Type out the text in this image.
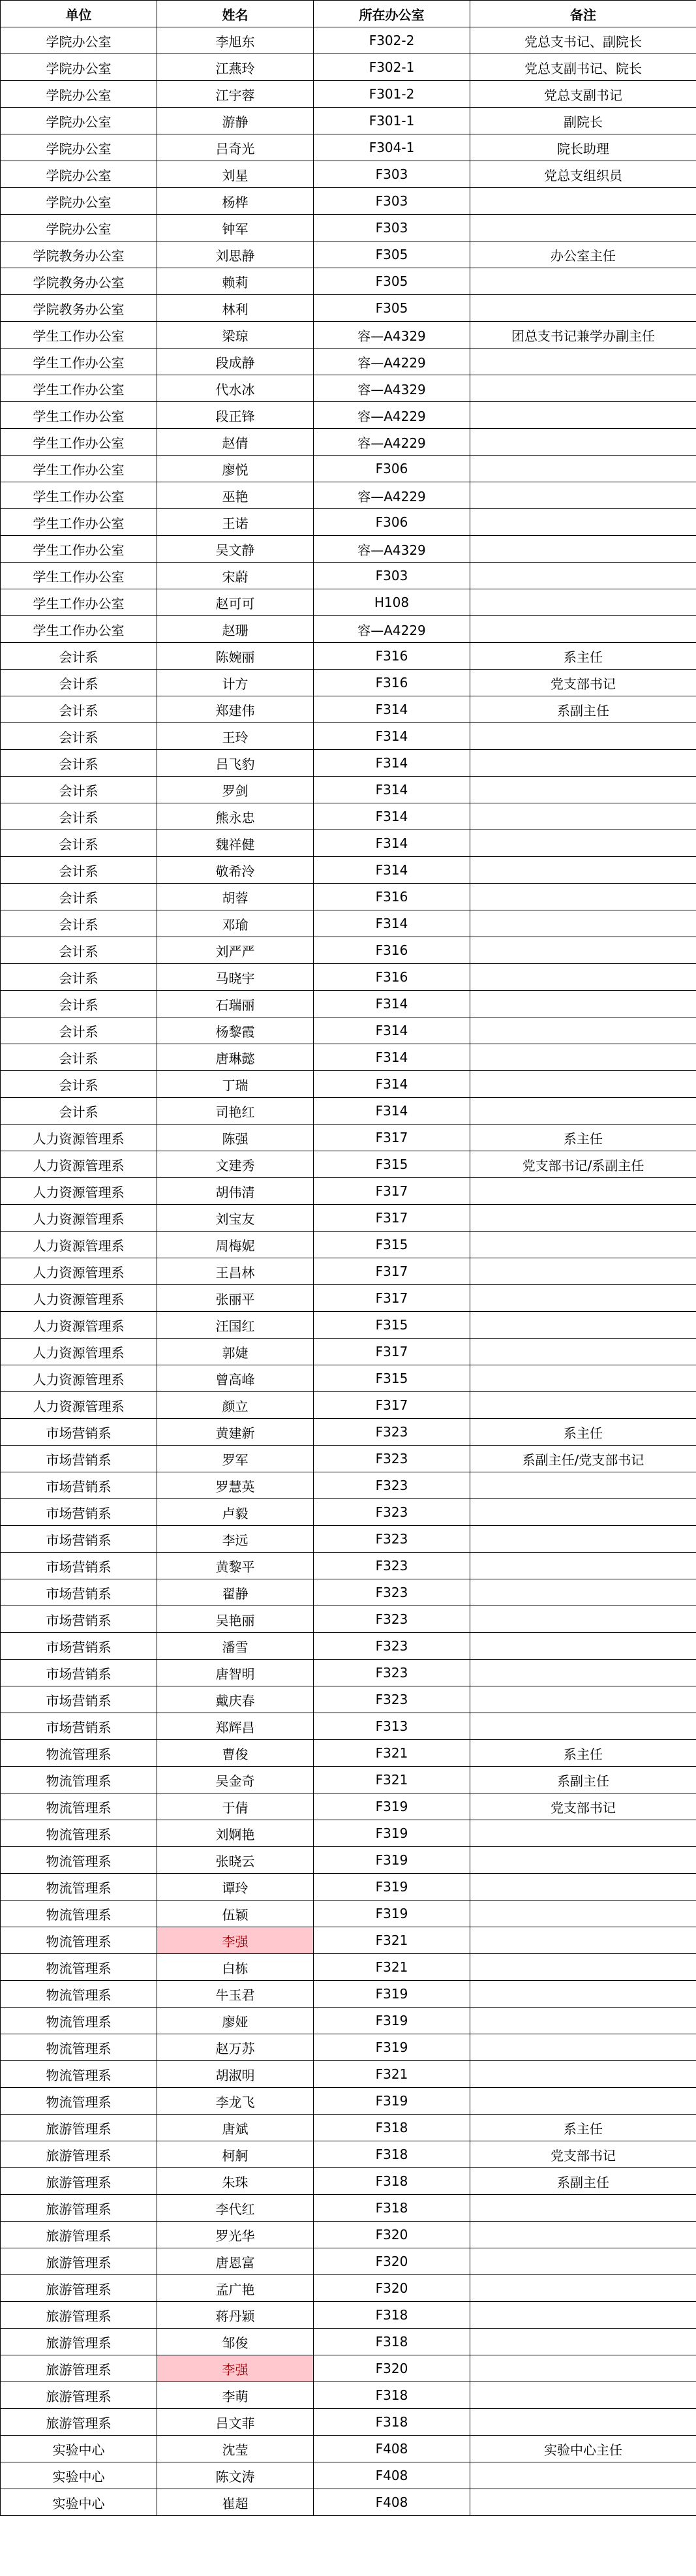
单位	姓名	所在办公室	备注
学院办公室	李旭东	F302-2	党总支书记、副院长
学院办公室	江燕玲	F302-1	党总支副书记、院长
学院办公室	江宇蓉	F301-2	党总支副书记
学院办公室	游静	F301-1	副院长
学院办公室	吕奇光	F304-1	院长助理
学院办公室	刘星	F303	党总支组织员
学院办公室	杨桦	F303	
学院办公室	钟军	F303	
学院教务办公室	刘思静	F305	办公室主任
学院教务办公室	赖莉	F305	
学院教务办公室	林利	F305	
学生工作办公室	梁琼	容—A4329	团总支书记兼学办副主任
学生工作办公室	段成静	容—A4229	
学生工作办公室	代水冰	容—A4329	
学生工作办公室	段正锋	容—A4229	
学生工作办公室	赵倩	容—A4229	
学生工作办公室	廖悦	F306	
学生工作办公室	巫艳	容—A4229	
学生工作办公室	王诺	F306	
学生工作办公室	吴文静	容—A4329	
学生工作办公室	宋蔚	F303	
学生工作办公室	赵可可	H108	
学生工作办公室	赵珊	容—A4229	
会计系	陈婉丽	F316	系主任
会计系	计方	F316	党支部书记
会计系	郑建伟	F314	系副主任
会计系	王玲	F314	
会计系	吕飞豹	F314	
会计系	罗剑	F314	
会计系	熊永忠	F314	
会计系	魏祥健	F314	
会计系	敬希泠	F314	
会计系	胡蓉	F316	
会计系	邓瑜	F314	
会计系	刘严严	F316	
会计系	马晓宇	F316	
会计系	石瑞丽	F314	
会计系	杨黎霞	F314	
会计系	唐琳懿	F314	
会计系	丁瑞	F314	
会计系	司艳红	F314	
人力资源管理系	陈强	F317	系主任
人力资源管理系	文建秀	F315	党支部书记/系副主任
人力资源管理系	胡伟清	F317	
人力资源管理系	刘宝友	F317	
人力资源管理系	周梅妮	F315	
人力资源管理系	王昌林	F317	
人力资源管理系	张丽平	F317	
人力资源管理系	汪国红	F315	
人力资源管理系	郭婕	F317	
人力资源管理系	曾高峰	F315	
人力资源管理系	颜立	F317	
市场营销系	黄建新	F323	系主任
市场营销系	罗军	F323	系副主任/党支部书记
市场营销系	罗慧英	F323	
市场营销系	卢毅	F323	
市场营销系	李远	F323	
市场营销系	黄黎平	F323	
市场营销系	翟静	F323	
市场营销系	吴艳丽	F323	
市场营销系	潘雪	F323	
市场营销系	唐智明	F323	
市场营销系	戴庆春	F323	
市场营销系	郑辉昌	F313	
物流管理系	曹俊	F321	系主任
物流管理系	吴金奇	F321	系副主任
物流管理系	于倩	F319	党支部书记
物流管理系	刘婀艳	F319	
物流管理系	张晓云	F319	
物流管理系	谭玲	F319	
物流管理系	伍颖	F319	
物流管理系	李强	F321	
物流管理系	白栋	F321	
物流管理系	牛玉君	F319	
物流管理系	廖娅	F319	
物流管理系	赵万苏	F319	
物流管理系	胡淑明	F321	
物流管理系	李龙飞	F319	
旅游管理系	唐斌	F318	系主任
旅游管理系	柯舸	F318	党支部书记
旅游管理系	朱珠	F318	系副主任
旅游管理系	李代红	F318	
旅游管理系	罗光华	F320	
旅游管理系	唐恩富	F320	
旅游管理系	孟广艳	F320	
旅游管理系	蒋丹颖	F318	
旅游管理系	邹俊	F318	
旅游管理系	李强	F320	
旅游管理系	李萌	F318	
旅游管理系	吕文菲	F318	
实验中心	沈莹	F408	实验中心主任
实验中心	陈文涛	F408	
实验中心	崔超	F408	
